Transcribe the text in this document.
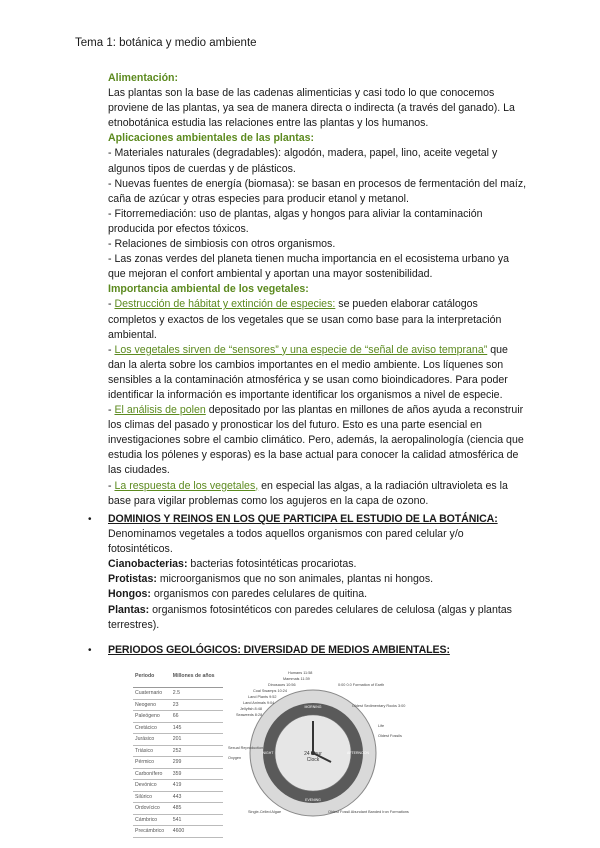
Tema 1: botánica y medio ambiente

Alimentación:

Las plantas son la base de las cadenas alimenticias y casi todo lo que conocemos proviene de las plantas, ya sea de manera directa o indirecta (a través del ganado). La etnobotánica estudia las relaciones entre las plantas y los humanos.

Aplicaciones ambientales de las plantas:

- Materiales naturales (degradables): algodón, madera, papel, lino, aceite vegetal y algunos tipos de cuerdas y de plásticos.

- Nuevas fuentes de energía (biomasa): se basan en procesos de fermentación del maíz, caña de azúcar y otras especies para producir etanol y metanol.

- Fitorremediación: uso de plantas, algas y hongos para aliviar la contaminación producida por efectos tóxicos.

- Relaciones de simbiosis con otros organismos.

- Las zonas verdes del planeta tienen mucha importancia en el ecosistema urbano ya que mejoran el confort ambiental y aportan una mayor sostenibilidad.

Importancia ambiental de los vegetales:

- Destrucción de hábitat y extinción de especies: se pueden elaborar catálogos completos y exactos de los vegetales que se usan como base para la interpretación ambiental.

- Los vegetales sirven de “sensores” y una especie de “señal de aviso temprana” que dan la alerta sobre los cambios importantes en el medio ambiente. Los líquenes son sensibles a la contaminación atmosférica y se usan como bioindicadores. Para poder identificar la información es importante identificar los organismos a nivel de especie.

- El análisis de polen depositado por las plantas en millones de años ayuda a reconstruir los climas del pasado y pronosticar los del futuro. Esto es una parte esencial en investigaciones sobre el cambio climático. Pero, además, la aeropalinología (ciencia que estudia los pólenes y esporas) es la base actual para conocer la calidad atmosférica de las ciudades.

- La respuesta de los vegetales, en especial las algas, a la radiación ultravioleta es la base para vigilar problemas como los agujeros en la capa de ozono.

• DOMINIOS Y REINOS EN LOS QUE PARTICIPA EL ESTUDIO DE LA BOTÁNICA:

Denominamos vegetales a todos aquellos organismos con pared celular y/o fotosintéticos.

Cianobacterias: bacterias fotosintéticas procariotas.

Protistas: microorganismos que no son animales, plantas ni hongos.

Hongos: organismos con paredes celulares de quitina.

Plantas: organismos fotosintéticos con paredes celulares de celulosa (algas y plantas terrestres).

• PERIODOS GEOLÓGICOS: DIVERSIDAD DE MEDIOS AMBIENTALES:

Periodo	Millones de años
Cuaternario	2.5
Neogeno	23
Paleógeno	66
Cretácico	145
Jurásico	201
Triásico	252
Pérmico	299
Carbonífero	359
Devónico	419
Silúrico	443
Ordovícico	485
Cámbrico	541
Precámbrico	4600
24 Hour
Clock
MORNING
AFTERNOON
EVENING
NIGHT
Humans 11:58
Mammals 11:39
Dinosaurs 10:56
Coal Swamps 10:24
Land Plants 9:52
Land Animals 9:04
Jellyfish 8:48
Seaweeds 8:28
0:00 0.0 Formation of Earth
Oldest Sedimentary Rocks 3:00
Life
Oldest Fossils
Sexual Reproduction
Oxygen
Single-Celled Algae	Oldest Fossil Abundant Banded Iron Formations
